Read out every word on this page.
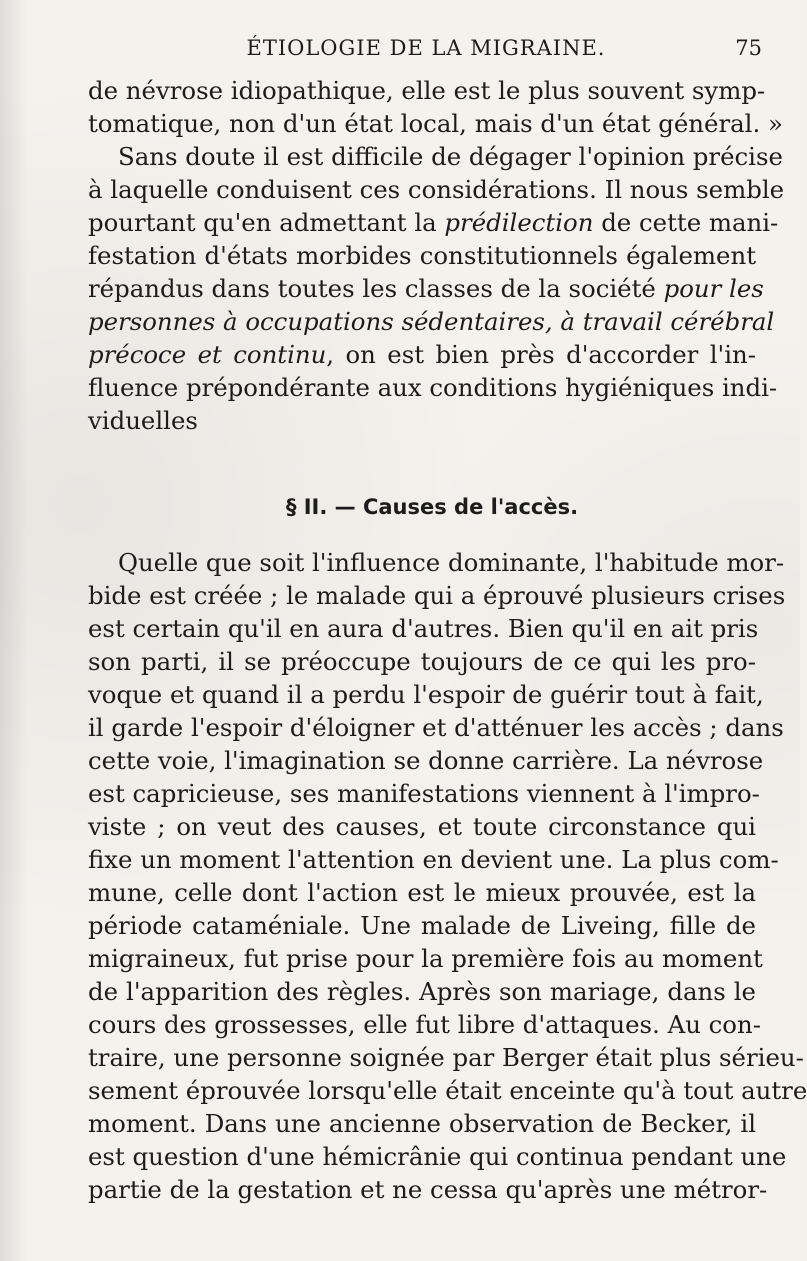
ÉTIOLOGIE DE LA MIGRAINE.	75
de névrose idiopathique, elle est le plus souvent symp-
tomatique, non d'un état local, mais d'un état général. »
Sans doute il est difficile de dégager l'opinion précise
à laquelle conduisent ces considérations. Il nous semble
pourtant qu'en admettant la prédilection de cette mani-
festation d'états morbides constitutionnels également
répandus dans toutes les classes de la société pour les
personnes à occupations sédentaires, à travail cérébral
précoce et continu, on est bien près d'accorder l'in-
fluence prépondérante aux conditions hygiéniques indi-
viduelles
§ II. — Causes de l'accès.
Quelle que soit l'influence dominante, l'habitude mor-
bide est créée ; le malade qui a éprouvé plusieurs crises
est certain qu'il en aura d'autres. Bien qu'il en ait pris
son parti, il se préoccupe toujours de ce qui les pro-
voque et quand il a perdu l'espoir de guérir tout à fait,
il garde l'espoir d'éloigner et d'atténuer les accès ; dans
cette voie, l'imagination se donne carrière. La névrose
est capricieuse, ses manifestations viennent à l'impro-
viste ; on veut des causes, et toute circonstance qui
fixe un moment l'attention en devient une. La plus com-
mune, celle dont l'action est le mieux prouvée, est la
période cataméniale. Une malade de Liveing, fille de
migraineux, fut prise pour la première fois au moment
de l'apparition des règles. Après son mariage, dans le
cours des grossesses, elle fut libre d'attaques. Au con-
traire, une personne soignée par Berger était plus sérieu-
sement éprouvée lorsqu'elle était enceinte qu'à tout autre
moment. Dans une ancienne observation de Becker, il
est question d'une hémicrânie qui continua pendant une
partie de la gestation et ne cessa qu'après une métror-
